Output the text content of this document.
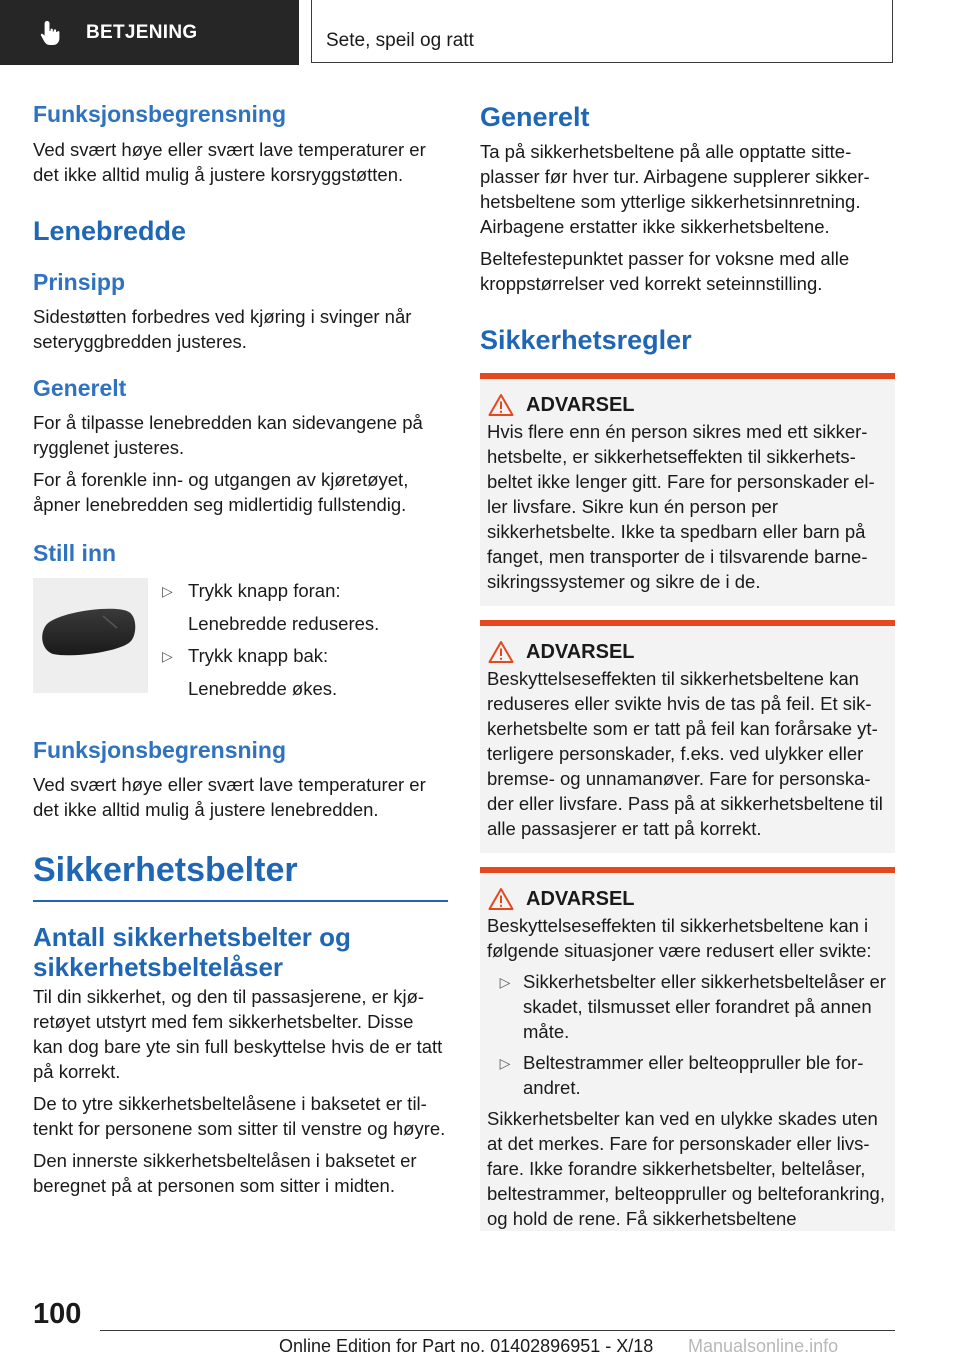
BETJENING	Sete, speil og ratt
Funksjonsbegrensning

Ved svært høye eller svært lave temperaturer er det ikke alltid mulig å justere korsryggstøtten.

Lenebredde
Prinsipp

Sidestøtten forbedres ved kjøring i svinger når seteryggbredden justeres.

Generelt

For å tilpasse lenebredden kan sidevangene på rygglenet justeres.

For å forenkle inn- og utgangen av kjøretøyet, åpner lenebredden seg midlertidig fullstendig.

Still inn
▷ Trykk knapp foran:
Lenebredde reduseres.
▷ Trykk knapp bak:
Lenebredde økes.
Funksjonsbegrensning

Ved svært høye eller svært lave temperaturer er det ikke alltid mulig å justere lenebredden.

Sikkerhetsbelter
Antall sikkerhetsbelter og sikkerhetsbeltelåser

Til din sikkerhet, og den til passasjerene, er kjøretøyet utstyrt med fem sikkerhetsbelter. Disse kan dog bare yte sin full beskyttelse hvis de er tatt på korrekt.

De to ytre sikkerhetsbeltelåsene i baksetet er tiltenkt for personene som sitter til venstre og høyre.

Den innerste sikkerhetsbeltelåsen i baksetet er beregnet på at personen som sitter i midten.

Generelt

Ta på sikkerhetsbeltene på alle opptatte sitteplasser før hver tur. Airbagene supplerer sikkerhetsbeltene som ytterlige sikkerhetsinnretning. Airbagene erstatter ikke sikkerhetsbeltene.

Beltefestepunktet passer for voksne med alle kroppstørrelser ved korrekt seteinnstilling.

Sikkerhetsregler
ADVARSEL

Hvis flere enn én person sikres med ett sikkerhetsbelte, er sikkerhetseffekten til sikkerhetsbeltet ikke lenger gitt. Fare for personskader eller livsfare. Sikre kun én person per sikkerhetsbelte. Ikke ta spedbarn eller barn på fanget, men transporter de i tilsvarende barnesikringssystemer og sikre de i de.

ADVARSEL

Beskyttelseseffekten til sikkerhetsbeltene kan reduseres eller svikte hvis de tas på feil. Et sikkerhetsbelte som er tatt på feil kan forårsake ytterligere personskader, f.eks. ved ulykker eller bremse- og unnamanøver. Fare for personskader eller livsfare. Pass på at sikkerhetsbeltene til alle passasjerer er tatt på korrekt.

ADVARSEL

Beskyttelseseffekten til sikkerhetsbeltene kan i følgende situasjoner være redusert eller svikte:

▷ Sikkerhetsbelter eller sikkerhetsbeltelåser er skadet, tilsmusset eller forandret på annen måte.
▷ Beltestrammer eller belteoppruller ble forandret.

Sikkerhetsbelter kan ved en ulykke skades uten at det merkes. Fare for personskader eller livsfare. Ikke forandre sikkerhetsbelter, beltelåser, beltestrammer, belteoppruller og belteforankring, og hold de rene. Få sikkerhetsbeltene

100
Online Edition for Part no. 01402896951 - X/18 Manualsonline.info
